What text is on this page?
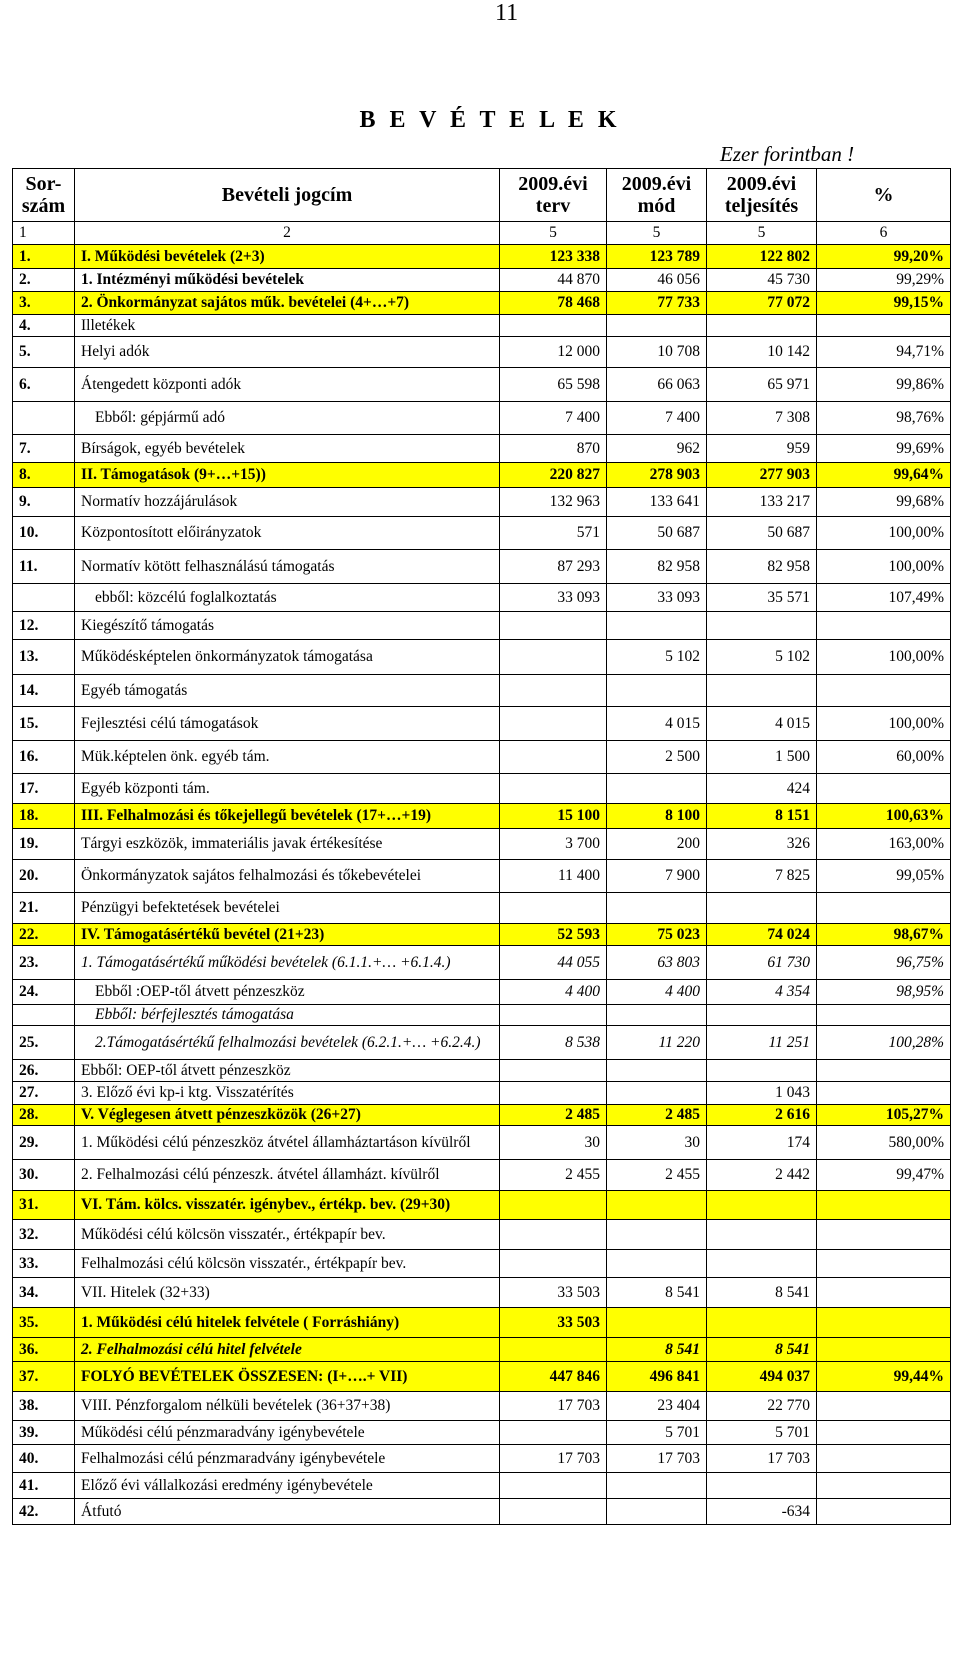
11
B E V É T E L E K
Ezer forintban !
Sor- szám	Bevételi jogcím	2009.évi terv	2009.évi mód	2009.évi teljesítés	%
1	2	5	5	5	6
1.	I. Működési bevételek (2+3)	123 338	123 789	122 802	99,20%
2.	1. Intézményi működési bevételek	44 870	46 056	45 730	99,29%
3.	2. Önkormányzat sajátos műk. bevételei (4+…+7)	78 468	77 733	77 072	99,15%
4.	Illetékek				
5.	Helyi adók	12 000	10 708	10 142	94,71%
6.	Átengedett központi adók	65 598	66 063	65 971	99,86%
	Ebből: gépjármű adó	7 400	7 400	7 308	98,76%
7.	Bírságok, egyéb bevételek	870	962	959	99,69%
8.	II. Támogatások (9+…+15))	220 827	278 903	277 903	99,64%
9.	Normatív hozzájárulások	132 963	133 641	133 217	99,68%
10.	Központosított előirányzatok	571	50 687	50 687	100,00%
11.	Normatív kötött felhasználású támogatás	87 293	82 958	82 958	100,00%
	ebből: közcélú foglalkoztatás	33 093	33 093	35 571	107,49%
12.	Kiegészítő támogatás				
13.	Működésképtelen önkormányzatok támogatása		5 102	5 102	100,00%
14.	Egyéb támogatás				
15.	Fejlesztési célú támogatások		4 015	4 015	100,00%
16.	Mük.képtelen önk. egyéb tám.		2 500	1 500	60,00%
17.	Egyéb központi tám.			424	
18.	III. Felhalmozási és tőkejellegű bevételek (17+…+19)	15 100	8 100	8 151	100,63%
19.	Tárgyi eszközök, immateriális javak értékesítése	3 700	200	326	163,00%
20.	Önkormányzatok sajátos felhalmozási és tőkebevételei	11 400	7 900	7 825	99,05%
21.	Pénzügyi befektetések bevételei				
22.	IV. Támogatásértékű bevétel (21+23)	52 593	75 023	74 024	98,67%
23.	1. Támogatásértékű működési bevételek (6.1.1.+… +6.1.4.)	44 055	63 803	61 730	96,75%
24.	Ebből :OEP-től átvett pénzeszköz	4 400	4 400	4 354	98,95%
	Ebből: bérfejlesztés támogatása				
25.	2.Támogatásértékű felhalmozási bevételek (6.2.1.+… +6.2.4.)	8 538	11 220	11 251	100,28%
26.	Ebből: OEP-től átvett pénzeszköz				
27.	3. Előző évi kp-i ktg. Visszatérítés			1 043	
28.	V. Véglegesen átvett pénzeszközök (26+27)	2 485	2 485	2 616	105,27%
29.	1. Működési célú pénzeszköz átvétel államháztartáson kívülről	30	30	174	580,00%
30.	2. Felhalmozási célú pénzeszk. átvétel államházt. kívülről	2 455	2 455	2 442	99,47%
31.	VI. Tám. kölcs. visszatér. igénybev., értékp. bev. (29+30)				
32.	Működési célú kölcsön visszatér., értékpapír bev.				
33.	Felhalmozási célú kölcsön visszatér., értékpapír bev.				
34.	VII. Hitelek (32+33)	33 503	8 541	8 541	
35.	1. Működési célú hitelek felvétele ( Forráshiány)	33 503			
36.	2. Felhalmozási célú hitel felvétele		8 541	8 541	
37.	FOLYÓ BEVÉTELEK ÖSSZESEN: (I+….+ VII)	447 846	496 841	494 037	99,44%
38.	VIII. Pénzforgalom nélküli bevételek (36+37+38)	17 703	23 404	22 770	
39.	Működési célú pénzmaradvány igénybevétele		5 701	5 701	
40.	Felhalmozási célú pénzmaradvány igénybevétele	17 703	17 703	17 703	
41.	Előző évi vállalkozási eredmény igénybevétele				
42.	Átfutó			-634	
